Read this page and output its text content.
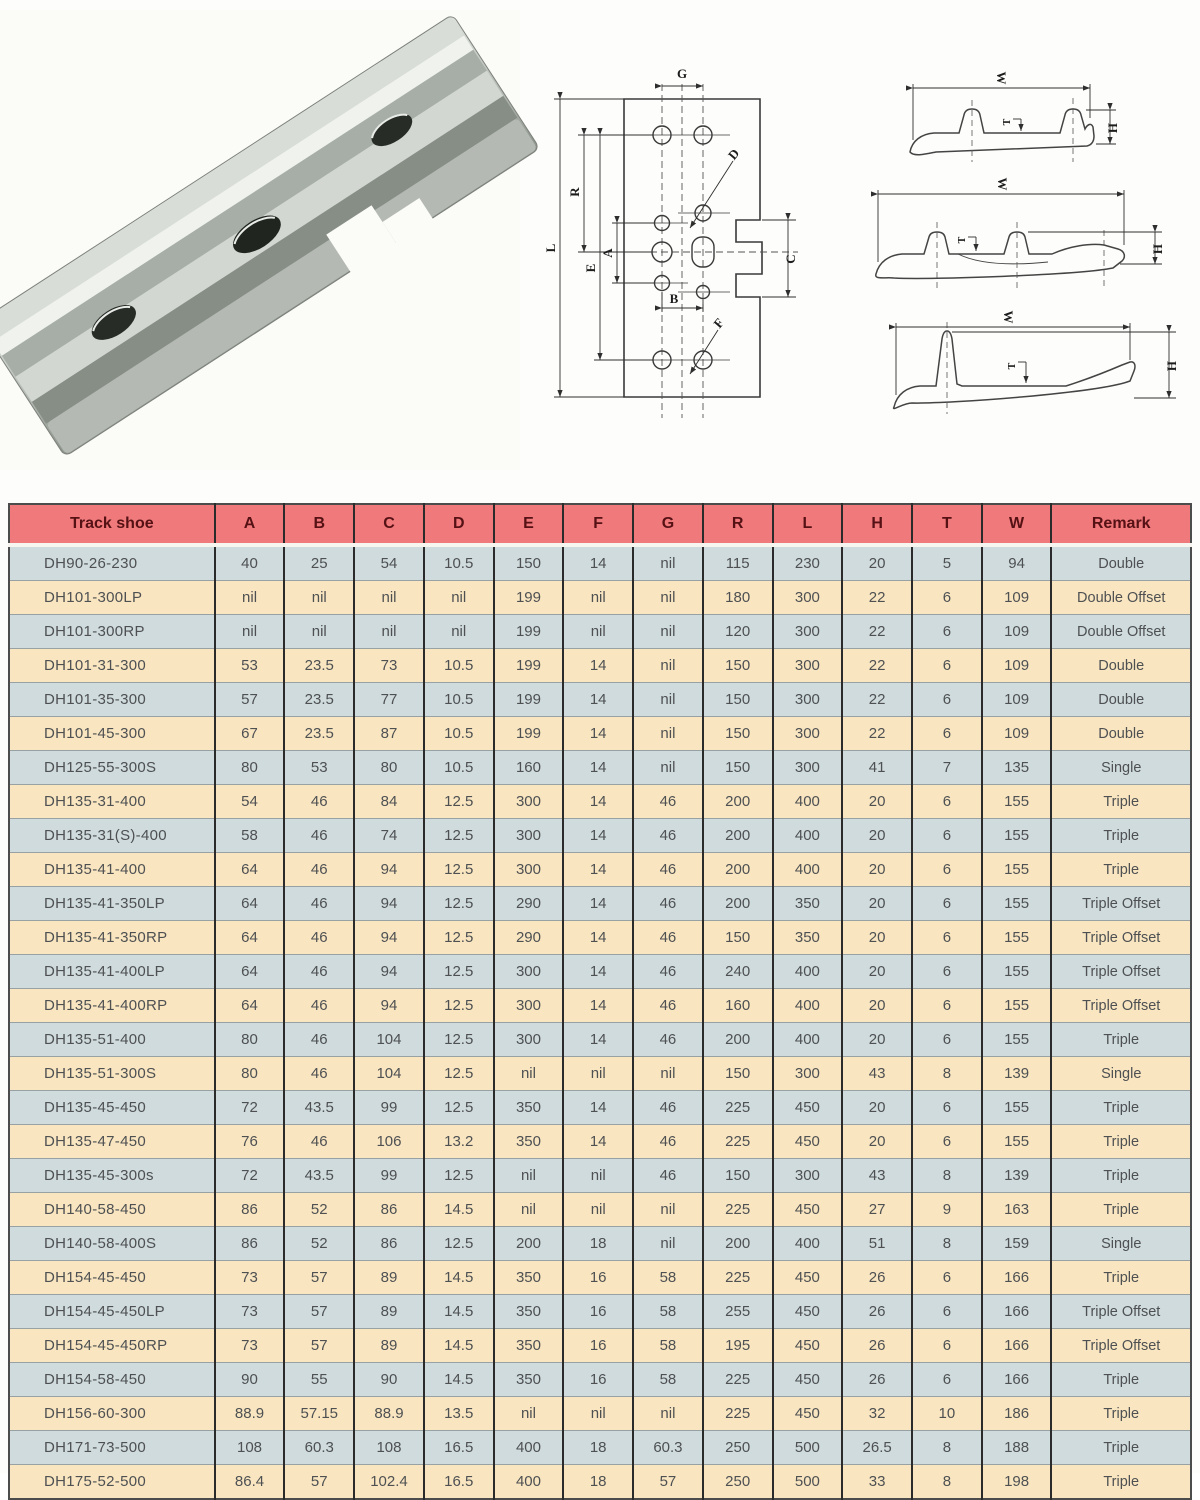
G
L
R
E
A
B
C
D
F
W
T
H
W
T
H
W
T	H
Track shoe	A	B	C	D	E	F	G	R	L	H	T	W	Remark
DH90-26-230	40	25	54	10.5	150	14	nil	115	230	20	5	94	Double
DH101-300LP	nil	nil	nil	nil	199	nil	nil	180	300	22	6	109	Double Offset
DH101-300RP	nil	nil	nil	nil	199	nil	nil	120	300	22	6	109	Double Offset
DH101-31-300	53	23.5	73	10.5	199	14	nil	150	300	22	6	109	Double
DH101-35-300	57	23.5	77	10.5	199	14	nil	150	300	22	6	109	Double
DH101-45-300	67	23.5	87	10.5	199	14	nil	150	300	22	6	109	Double
DH125-55-300S	80	53	80	10.5	160	14	nil	150	300	41	7	135	Single
DH135-31-400	54	46	84	12.5	300	14	46	200	400	20	6	155	Triple
DH135-31(S)-400	58	46	74	12.5	300	14	46	200	400	20	6	155	Triple
DH135-41-400	64	46	94	12.5	300	14	46	200	400	20	6	155	Triple
DH135-41-350LP	64	46	94	12.5	290	14	46	200	350	20	6	155	Triple Offset
DH135-41-350RP	64	46	94	12.5	290	14	46	150	350	20	6	155	Triple Offset
DH135-41-400LP	64	46	94	12.5	300	14	46	240	400	20	6	155	Triple Offset
DH135-41-400RP	64	46	94	12.5	300	14	46	160	400	20	6	155	Triple Offset
DH135-51-400	80	46	104	12.5	300	14	46	200	400	20	6	155	Triple
DH135-51-300S	80	46	104	12.5	nil	nil	nil	150	300	43	8	139	Single
DH135-45-450	72	43.5	99	12.5	350	14	46	225	450	20	6	155	Triple
DH135-47-450	76	46	106	13.2	350	14	46	225	450	20	6	155	Triple
DH135-45-300s	72	43.5	99	12.5	nil	nil	46	150	300	43	8	139	Triple
DH140-58-450	86	52	86	14.5	nil	nil	nil	225	450	27	9	163	Triple
DH140-58-400S	86	52	86	12.5	200	18	nil	200	400	51	8	159	Single
DH154-45-450	73	57	89	14.5	350	16	58	225	450	26	6	166	Triple
DH154-45-450LP	73	57	89	14.5	350	16	58	255	450	26	6	166	Triple Offset
DH154-45-450RP	73	57	89	14.5	350	16	58	195	450	26	6	166	Triple Offset
DH154-58-450	90	55	90	14.5	350	16	58	225	450	26	6	166	Triple
DH156-60-300	88.9	57.15	88.9	13.5	nil	nil	nil	225	450	32	10	186	Triple
DH171-73-500	108	60.3	108	16.5	400	18	60.3	250	500	26.5	8	188	Triple
DH175-52-500	86.4	57	102.4	16.5	400	18	57	250	500	33	8	198	Triple
